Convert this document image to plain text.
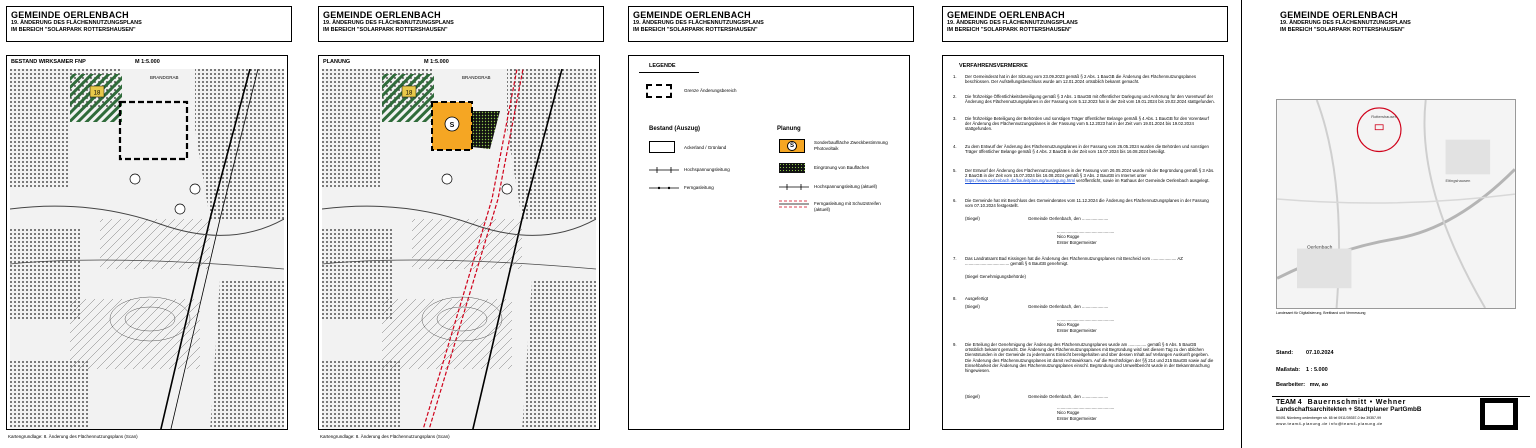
GEMEINDE OERLENBACH
19. ÄNDERUNG DES FLÄCHENNUTZUNGSPLANS
IM BEREICH "SOLARPARK ROTTERSHAUSEN"
BESTAND WIRKSAMER FNP	M 1:5.000
18
BRANDGRAB
Kartengrundlage: 8. Änderung des Flächennutzungsplans (Scan)
GEMEINDE OERLENBACH
19. ÄNDERUNG DES FLÄCHENNUTZUNGSPLANS
IM BEREICH "SOLARPARK ROTTERSHAUSEN"
PLANUNG	M 1:5.000
18
BRANDGRAB
S
Kartengrundlage: 8. Änderung des Flächennutzungsplans (Scan)
GEMEINDE OERLENBACH
19. ÄNDERUNG DES FLÄCHENNUTZUNGSPLANS
IM BEREICH "SOLARPARK ROTTERSHAUSEN"
LEGENDE
Grenze Änderungsbereich
Bestand (Auszug)	Planung
Ackerland / Grünland
Hochspannungsleitung
Ferngasleitung
S
Sonderbauflläche Zweckbestimmung Photovoltaik
Eingrünung von Bauflächen
Hochspannungsleitung (aktuell)
Ferngasleitung mit Schutzstreifen (aktuell)
GEMEINDE OERLENBACH
19. ÄNDERUNG DES FLÄCHENNUTZUNGSPLANS
IM BEREICH "SOLARPARK ROTTERSHAUSEN"
VERFAHRENSVERMERKE
1. Der Gemeinderat hat in der Sitzung vom 23.09.2023 gemäß § 2 Abs. 1 BauGB die Änderung des Flächennutzungsplanes beschlossen. Der Aufstellungsbeschluss wurde am 12.01.2024 ortsüblich bekannt gemacht.
2. Die frühzeitige Öffentlichkeitsbeteiligung gemäß § 3 Abs. 1 BauGB mit öffentlicher Darlegung und Anhörung für den Vorentwurf der Änderung des Flächennutzungsplanes in der Fassung vom 5.12.2023 hat in der Zeit vom 19.01.2024 bis 19.02.2024 stattgefunden.
3. Die frühzeitige Beteiligung der Behörden und sonstigen Träger öffentlicher Belange gemäß § 4 Abs. 1 BauGB für den Vorentwurf der Änderung des Flächennutzungsplanes in der Fassung vom 5.12.2023 hat in der Zeit vom 19.01.2024 bis 19.02.2024 stattgefunden.
4. Zu dem Entwurf der Änderung des Flächennutzungsplanes in der Fassung vom 26.05.2024 wurden die Behörden und sonstigen Träger öffentlicher Belange gemäß § 4 Abs. 2 BauGB in der Zeit vom 15.07.2024 bis 16.08.2024 beteiligt.
5. Der Entwurf der Änderung des Flächennutzungsplanes in der Fassung vom 26.05.2024 wurde mit der Begründung gemäß § 3 Abs. 2 BauGB in der Zeit vom 15.07.2024 bis 16.08.2024 gemäß § 3 Abs. 2 BauGB im Internet unter https://www.oerlenbach.de/bauleitplanung/auslegung.html veröffentlicht, sowie im Rathaus der Gemeinde Oerlenbach ausgelegt.
6. Die Gemeinde hat mit Beschluss des Gemeinderates vom 11.12.2024 die Änderung des Flächennutzungsplanes in der Fassung vom 07.10.2024 festgestellt.
(Siegel)	Gemeinde Oerlenbach, den ......................
................................................
Nico Rogge
Erster Bürgermeister
7. Das Landratsamt Bad Kissingen hat die Änderung des Flächennutzungsplanes mit Bescheid vom ..................... AZ ..................................... gemäß § 6 BauGB genehmigt.
(Siegel Genehmigungsbehörde)
8. Ausgefertigt
(Siegel)	Gemeinde Oerlenbach, den ......................
................................................
Nico Rogge
Erster Bürgermeister
9. Die Erteilung der Genehmigung der Änderung des Flächennutzungsplanes wurde am ............... gemäß § 6 Abs. 5 BauGB ortsüblich bekannt gemacht. Die Änderung des Flächennutzungsplanes mit Begründung wird seit diesem Tag zu den üblichen Dienststunden in der Gemeinde zu jedermanns Einsicht bereitgehalten und über dessen Inhalt auf Verlangen Auskunft gegeben. Die Änderung des Flächennutzungsplanes ist damit rechtswirksam. Auf die Rechtsfolgen der §§ 214 und 215 BauGB sowie auf die Einsehbarkeit der Änderung des Flächennutzungsplanes einschl. Begründung und Umweltbericht wurde in der Bekanntmachung hingewiesen.
(Siegel)	Gemeinde Oerlenbach, den ......................
................................................
Nico Rogge
Erster Bürgermeister
GEMEINDE OERLENBACH
19. ÄNDERUNG DES FLÄCHENNUTZUNGSPLANS
IM BEREICH "SOLARPARK ROTTERSHAUSEN"
Oerlenbach
Rottershausen
Eltingshausen
Landesamt für Digitalisierung, Breitband und Vermessung
Stand: 07.10.2024
Maßstab: 1 : 5.000
Bearbeiter: mw, ao
TEAM 4 Bauernschmitt • Wehner
Landschaftsarchitekten + Stadtplaner PartGmbB
90491 Nürnberg oedenberger str. 65 tel 0911/39357-0 fax 39357-99
www.team4-planung.de info@team4-planung.de
